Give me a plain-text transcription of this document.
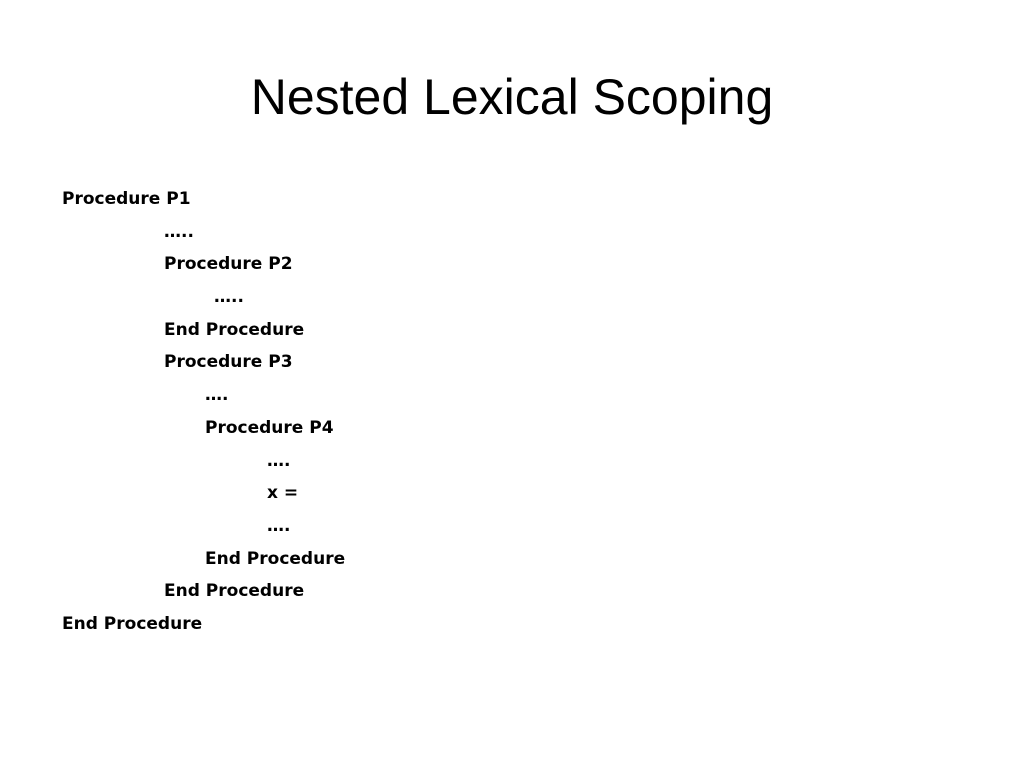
Nested Lexical Scoping
Procedure P1
…..
Procedure P2
…..
End Procedure
Procedure P3
….
Procedure P4
….
x =
….
End Procedure
End Procedure
End Procedure
